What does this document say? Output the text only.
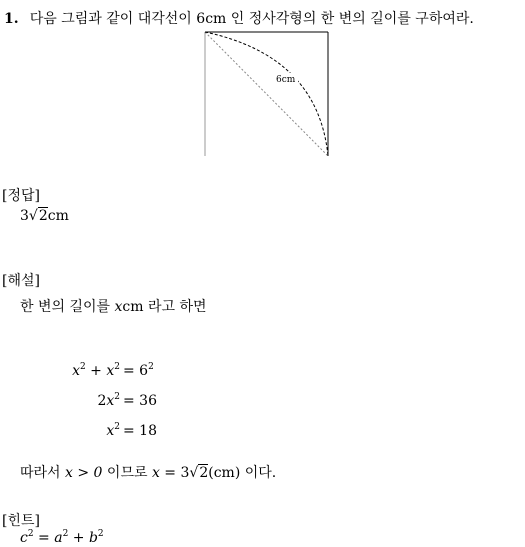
1. 다음 그림과 같이 대각선이 6cm 인 정사각형의 한 변의 길이를 구하여라.
6cm
[정답]
3√2cm
[해설]
한 변의 길이를 xcm 라고 하면
$x^2 + x^2 = 6^2$
$2x^2 = 36$
$x^2 = 18$
따라서 x > 0 이므로 x = 3√2(cm) 이다.
[힌트]
$c^2 = a^2 + b^2$
